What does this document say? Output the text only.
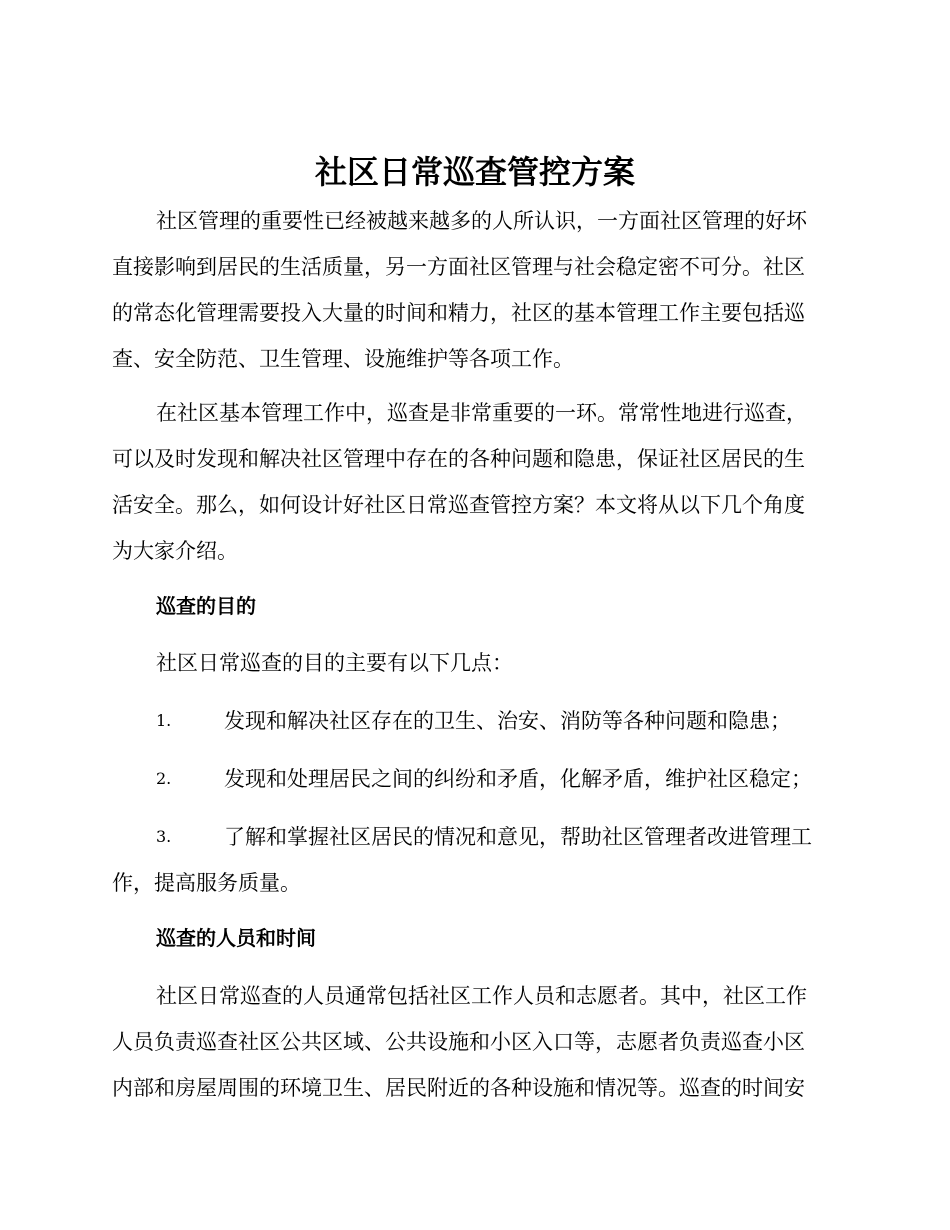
社区日常巡查管控方案

社区管理的重要性已经被越来越多的人所认识，一方面社区管理的好坏
直接影响到居民的生活质量，另一方面社区管理与社会稳定密不可分。社区
的常态化管理需要投入大量的时间和精力，社区的基本管理工作主要包括巡
查、安全防范、卫生管理、设施维护等各项工作。

在社区基本管理工作中，巡查是非常重要的一环。常常性地进行巡查，
可以及时发现和解决社区管理中存在的各种问题和隐患，保证社区居民的生
活安全。那么，如何设计好社区日常巡查管控方案？本文将从以下几个角度
为大家介绍。

巡查的目的

社区日常巡查的目的主要有以下几点：

1.	发现和解决社区存在的卫生、治安、消防等各种问题和隐患；
2.	发现和处理居民之间的纠纷和矛盾，化解矛盾，维护社区稳定；
3.	了解和掌握社区居民的情况和意见，帮助社区管理者改进管理工
作，提高服务质量。
巡查的人员和时间

社区日常巡查的人员通常包括社区工作人员和志愿者。其中，社区工作
人员负责巡查社区公共区域、公共设施和小区入口等，志愿者负责巡查小区
内部和房屋周围的环境卫生、居民附近的各种设施和情况等。巡查的时间安
